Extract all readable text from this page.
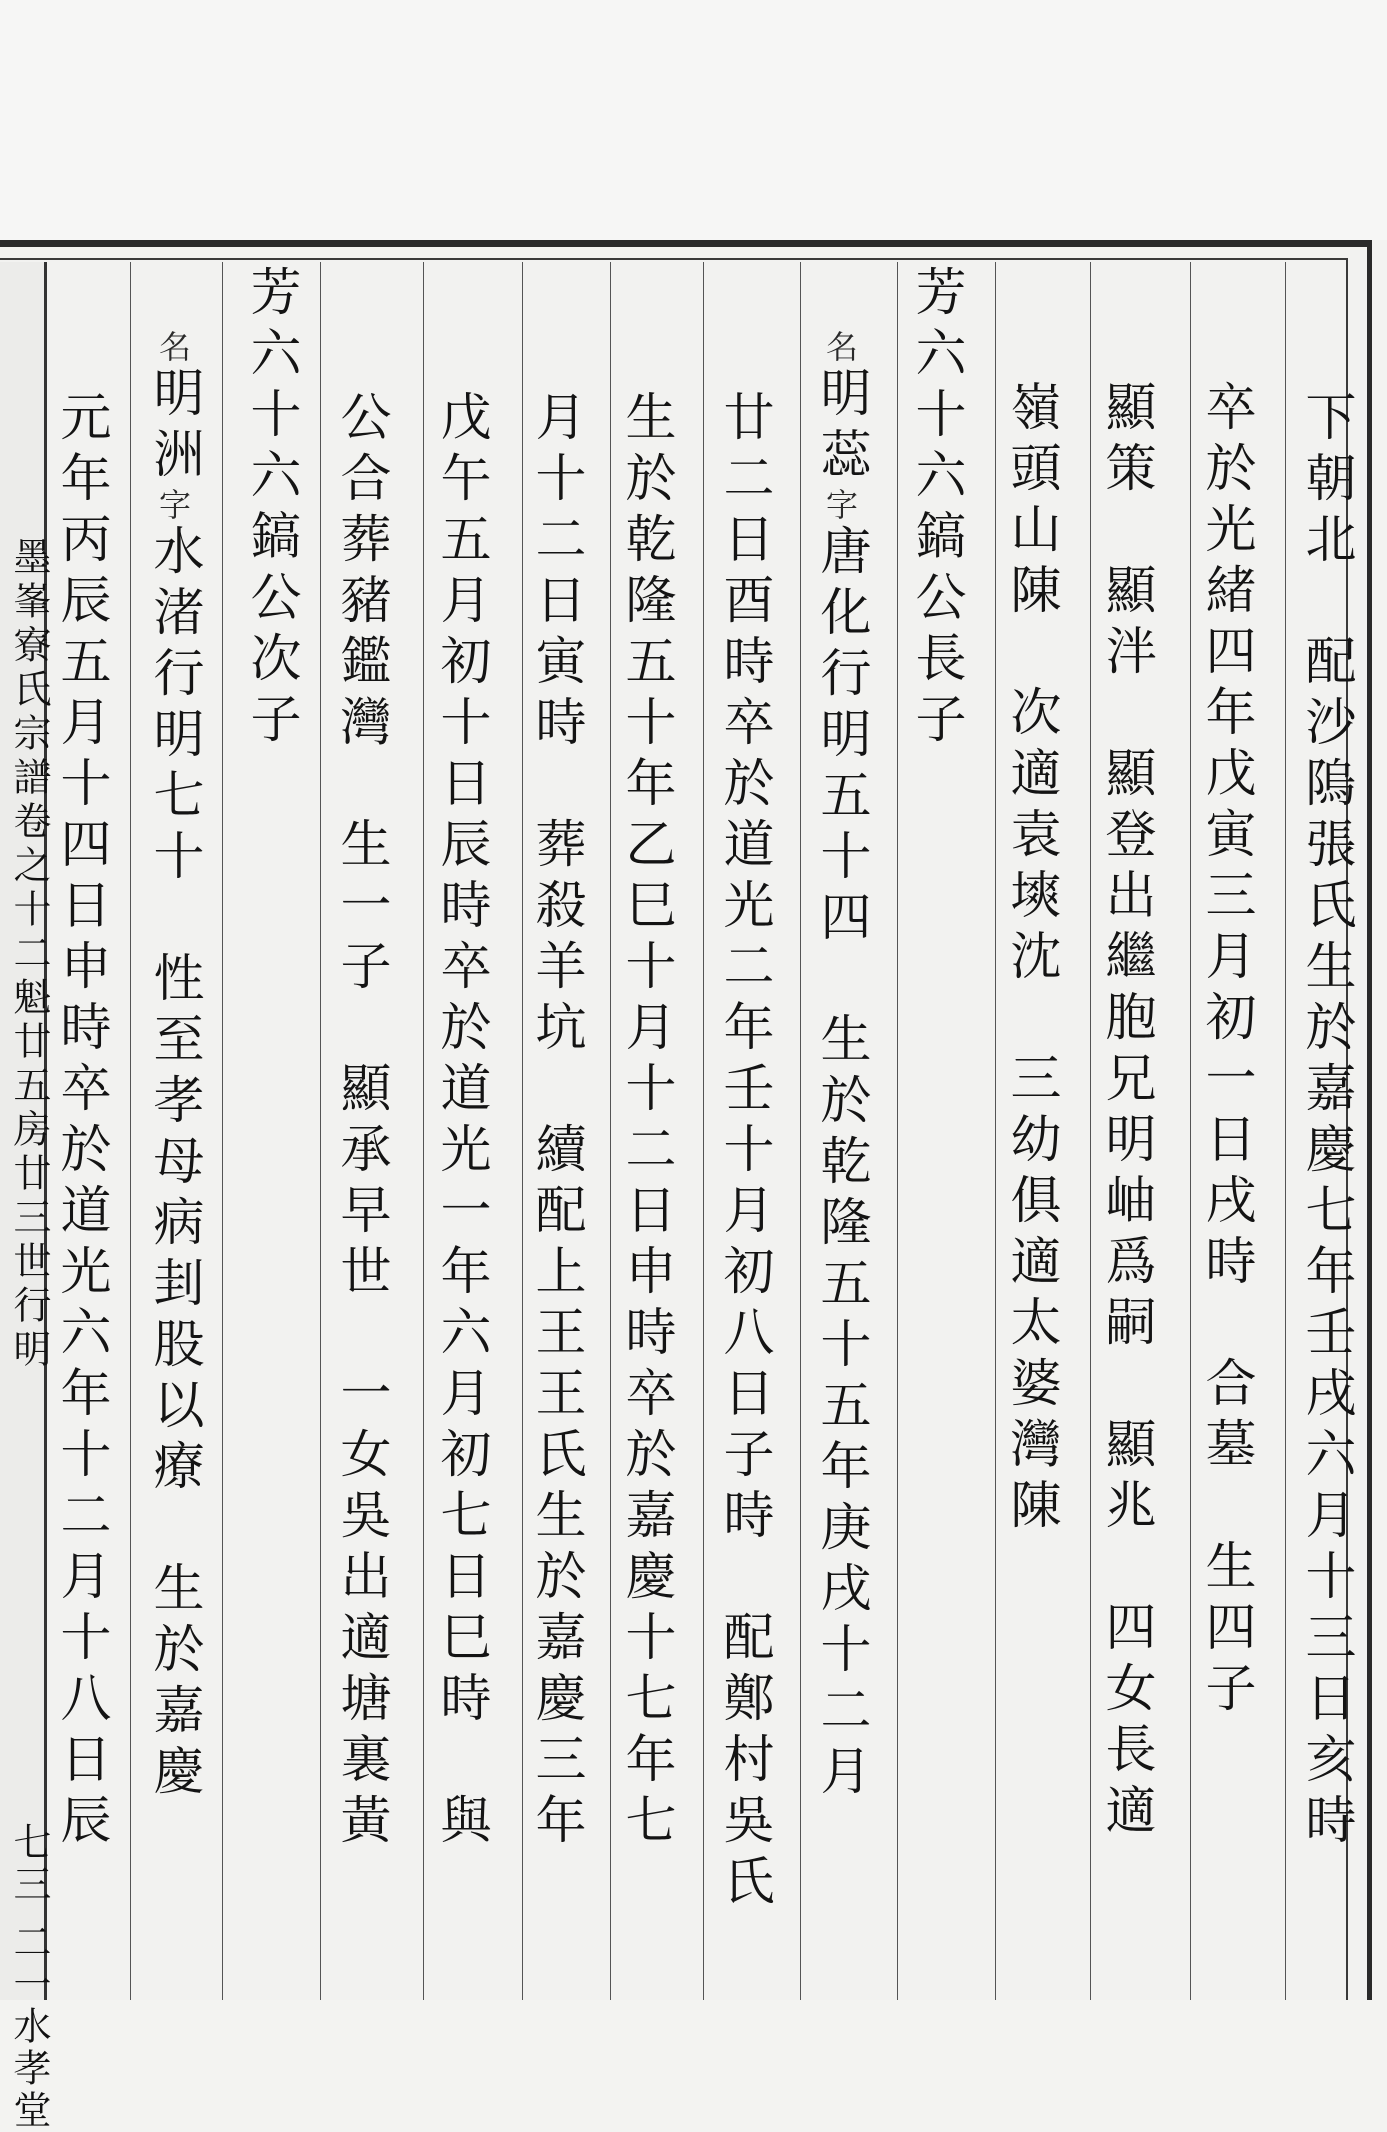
墨峯寮氏宗譜卷之十二魁廿五房廿三世行明
七三 二一水孝堂
下朝北　配沙隖張氏生於嘉慶七年壬戌六月十三日亥時
卒於光緒四年戊寅三月初一日戌時　合墓　生四子
顯策　顯泮　顯登出繼胞兄明岫爲嗣　顯兆　四女長適
嶺頭山陳　次適袁塽沈　三幼俱適太婆灣陳
芳六十六鎬公長子
名明蕊字唐化行明五十四　生於乾隆五十五年庚戌十二月
廿二日酉時卒於道光二年壬十月初八日子時　配鄭村吳氏
生於乾隆五十年乙巳十月十二日申時卒於嘉慶十七年七
月十二日寅時　葬殺羊坑　續配上王王氏生於嘉慶三年
戊午五月初十日辰時卒於道光一年六月初七日巳時　與
公合葬豬鑑灣　生一子　顯承早世　一女吳出適塘裏黃
芳六十六鎬公次子
名明洲字水渚行明七十　性至孝母病刲股以療　生於嘉慶
元年丙辰五月十四日申時卒於道光六年十二月十八日辰
